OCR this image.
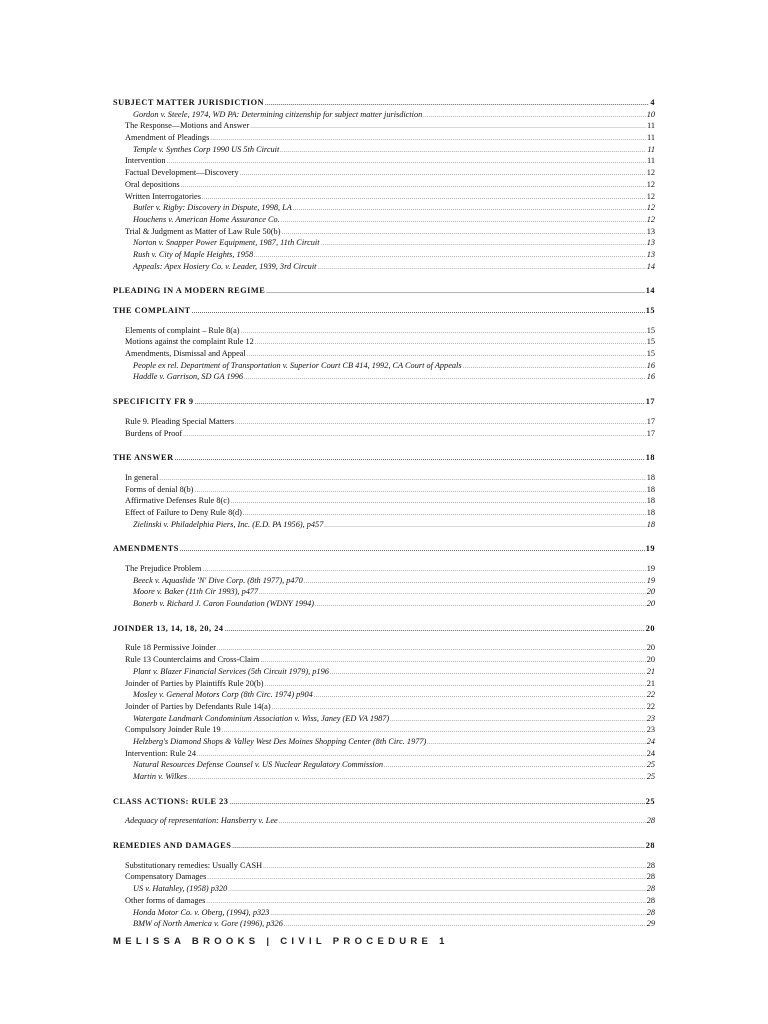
SUBJECT MATTER JURISDICTION .....	4
Gordon v. Steele, 1974, WD PA: Determining citizenship for subject matter jurisdiction .....	10
The Response—Motions and Answer .....	11
Amendment of Pleadings .....	11
Temple v. Synthes Corp 1990 US 5th Circuit .....	11
Intervention .....	11
Factual Development—Discovery .....	12
Oral depositions .....	12
Written Interrogatories .....	12
Butler v. Rigby: Discovery in Dispute, 1998, LA .....	12
Houchens v. American Home Assurance Co. .....	12
Trial & Judgment as Matter of Law Rule 50(b) .....	13
Norton v. Snapper Power Equipment, 1987, 11th Circuit .....	13
Rush v. City of Maple Heights, 1958 .....	13
Appeals: Apex Hosiery Co. v. Leader, 1939, 3rd Circuit .....	14
PLEADING IN A MODERN REGIME .....	14
THE COMPLAINT .....	15
Elements of complaint – Rule 8(a) .....	15
Motions against the complaint Rule 12 .....	15
Amendments, Dismissal and Appeal .....	15
People ex rel. Department of Transportation v. Superior Court CB 414, 1992, CA Court of Appeals .....	16
Haddle v. Garrison, SD GA 1996 .....	16
SPECIFICITY FR 9 .....	17
Rule 9. Pleading Special Matters .....	17
Burdens of Proof .....	17
THE ANSWER .....	18
In general .....	18
Forms of denial 8(b) .....	18
Affirmative Defenses Rule 8(c) .....	18
Effect of Failure to Deny Rule 8(d) .....	18
Zielinski v. Philadelphia Piers, Inc. (E.D. PA 1956), p457 .....	18
AMENDMENTS .....	19
The Prejudice Problem .....	19
Beeck v. Aquaslide 'N' Dive Corp. (8th 1977), p470 .....	19
Moore v. Baker (11th Cir 1993), p477 .....	20
Bonerb v. Richard J. Caron Foundation (WDNY 1994) .....	20
JOINDER 13, 14, 18, 20, 24 .....	20
Rule 18 Permissive Joinder .....	20
Rule 13 Counterclaims and Cross-Claim .....	20
Plant v. Blazer Financial Services (5th Circuit 1979), p196 .....	21
Joinder of Parties by Plaintiffs Rule 20(b) .....	21
Mosley v. General Motors Corp (8th Circ. 1974) p904 .....	22
Joinder of Parties by Defendants Rule 14(a) .....	22
Watergate Landmark Condominium Association v. Wiss, Janey (ED VA 1987) .....	23
Compulsory Joinder Rule 19 .....	23
Helzberg's Diamond Shops & Valley West Des Moines Shopping Center (8th Circ. 1977) .....	24
Intervention: Rule 24 .....	24
Natural Resources Defense Counsel v. US Nuclear Regulatory Commission .....	25
Martin v. Wilkes .....	25
CLASS ACTIONS: RULE 23 .....	25
Adequacy of representation: Hansberry v. Lee .....	28
REMEDIES AND DAMAGES .....	28
Substitutionary remedies: Usually CASH .....	28
Compensatory Damages .....	28
US v. Hatahley, (1958) p320 .....	28
Other forms of damages .....	28
Honda Motor Co. v. Oberg, (1994), p323 .....	28
BMW of North America v. Gore (1996), p326 .....	29
MELISSA BROOKS | CIVIL PROCEDURE 1
